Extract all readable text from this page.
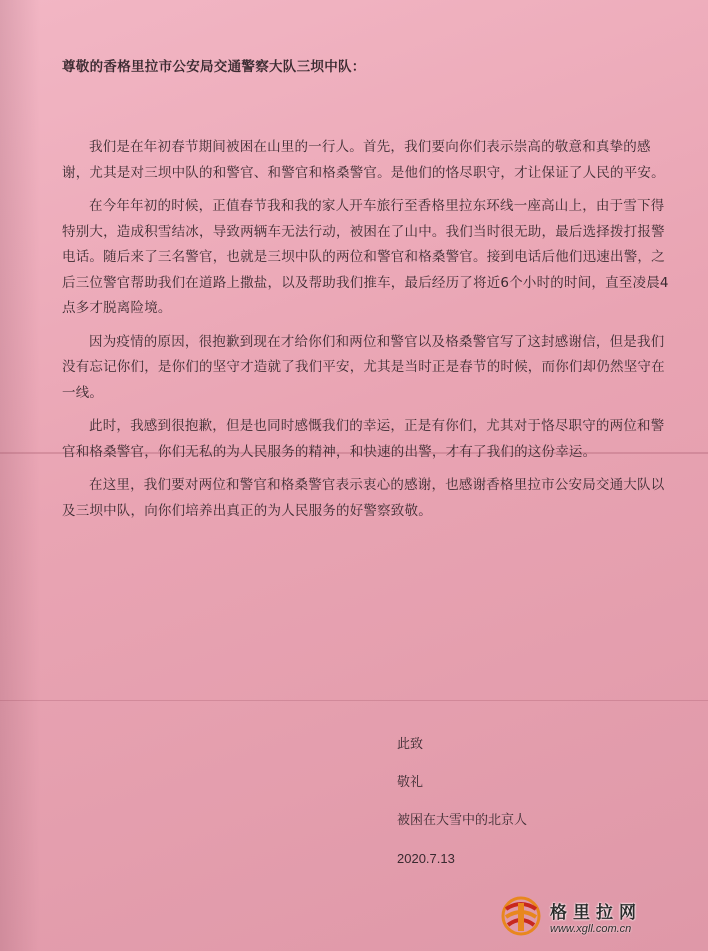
尊敬的香格里拉市公安局交通警察大队三坝中队：

我们是在年初春节期间被困在山里的一行人。首先，我们要向你们表示崇高的敬意和真挚的感谢，尤其是对三坝中队的和警官、和警官和格桑警官。是他们的恪尽职守，才让保证了人民的平安。

在今年年初的时候，正值春节我和我的家人开车旅行至香格里拉东环线一座高山上，由于雪下得特别大，造成积雪结冰，导致两辆车无法行动，被困在了山中。我们当时很无助，最后选择拨打报警电话。随后来了三名警官，也就是三坝中队的两位和警官和格桑警官。接到电话后他们迅速出警，之后三位警官帮助我们在道路上撒盐，以及帮助我们推车，最后经历了将近6个小时的时间，直至凌晨4点多才脱离险境。

因为疫情的原因，很抱歉到现在才给你们和两位和警官以及格桑警官写了这封感谢信，但是我们没有忘记你们，是你们的坚守才造就了我们平安，尤其是当时正是春节的时候，而你们却仍然坚守在一线。

此时，我感到很抱歉，但是也同时感慨我们的幸运，正是有你们，尤其对于恪尽职守的两位和警官和格桑警官，你们无私的为人民服务的精神，和快速的出警，才有了我们的这份幸运。

在这里，我们要对两位和警官和格桑警官表示衷心的感谢，也感谢香格里拉市公安局交通大队以及三坝中队，向你们培养出真正的为人民服务的好警察致敬。

此致
敬礼
被困在大雪中的北京人
2020.7.13
格里拉网
www.xgll.com.cn
